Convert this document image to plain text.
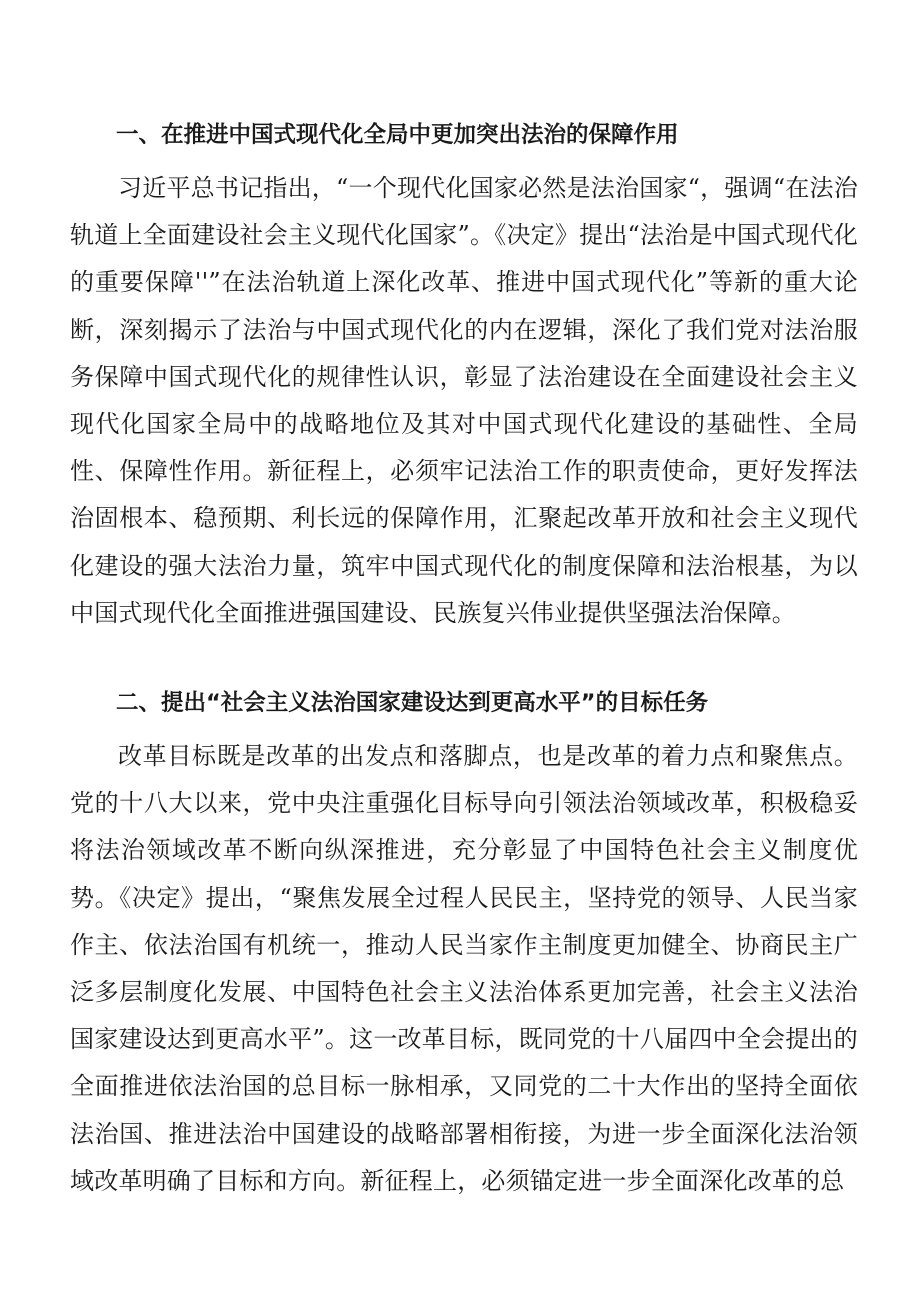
一、在推进中国式现代化全局中更加突出法治的保障作用

习近平总书记指出，“一个现代化国家必然是法治国家“，强调“在法治轨道上全面建设社会主义现代化国家”。《决定》提出“法治是中国式现代化的重要保障''”在法治轨道上深化改革、推进中国式现代化”等新的重大论断，深刻揭示了法治与中国式现代化的内在逻辑，深化了我们党对法治服务保障中国式现代化的规律性认识，彰显了法治建设在全面建设社会主义现代化国家全局中的战略地位及其对中国式现代化建设的基础性、全局性、保障性作用。新征程上，必须牢记法治工作的职责使命，更好发挥法治固根本、稳预期、利长远的保障作用，汇聚起改革开放和社会主义现代化建设的强大法治力量，筑牢中国式现代化的制度保障和法治根基，为以中国式现代化全面推进强国建设、民族复兴伟业提供坚强法治保障。

二、提出“社会主义法治国家建设达到更高水平”的目标任务

改革目标既是改革的出发点和落脚点，也是改革的着力点和聚焦点。党的十八大以来，党中央注重强化目标导向引领法治领域改革，积极稳妥将法治领域改革不断向纵深推进，充分彰显了中国特色社会主义制度优势。《决定》提出，“聚焦发展全过程人民民主，坚持党的领导、人民当家作主、依法治国有机统一，推动人民当家作主制度更加健全、协商民主广泛多层制度化发展、中国特色社会主义法治体系更加完善，社会主义法治国家建设达到更高水平”。这一改革目标，既同党的十八届四中全会提出的全面推进依法治国的总目标一脉相承，又同党的二十大作出的坚持全面依法治国、推进法治中国建设的战略部署相衔接，为进一步全面深化法治领域改革明确了目标和方向。新征程上，必须锚定进一步全面深化改革的总
